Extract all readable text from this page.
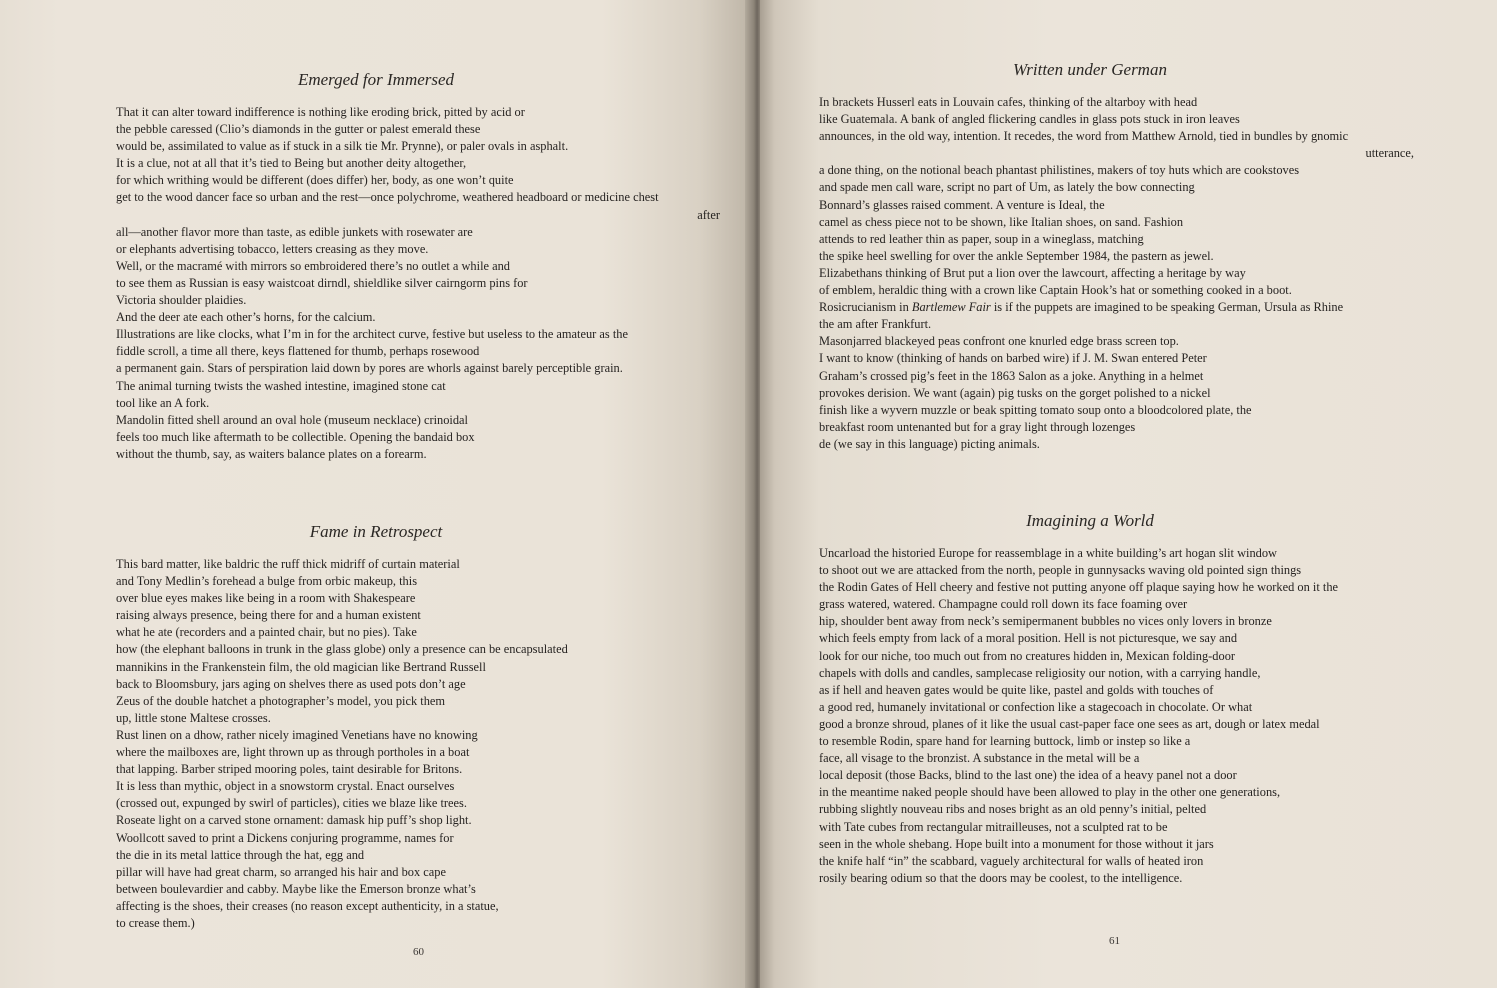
Emerged for Immersed
That it can alter toward indifference is nothing like eroding brick, pitted by acid or
the pebble caressed (Clio’s diamonds in the gutter or palest emerald these
would be, assimilated to value as if stuck in a silk tie Mr. Prynne), or paler ovals in asphalt.
It is a clue, not at all that it’s tied to Being but another deity altogether,
for which writhing would be different (does differ) her, body, as one won’t quite
get to the wood dancer face so urban and the rest—once polychrome, weathered headboard or medicine chest
after
all—another flavor more than taste, as edible junkets with rosewater are
or elephants advertising tobacco, letters creasing as they move.
Well, or the macramé with mirrors so embroidered there’s no outlet a while and
to see them as Russian is easy waistcoat dirndl, shieldlike silver cairngorm pins for
Victoria shoulder plaidies.
And the deer ate each other’s horns, for the calcium.
Illustrations are like clocks, what I’m in for the architect curve, festive but useless to the amateur as the
fiddle scroll, a time all there, keys flattened for thumb, perhaps rosewood
a permanent gain. Stars of perspiration laid down by pores are whorls against barely perceptible grain.
The animal turning twists the washed intestine, imagined stone cat
tool like an A fork.
Mandolin fitted shell around an oval hole (museum necklace) crinoidal
feels too much like aftermath to be collectible. Opening the bandaid box
without the thumb, say, as waiters balance plates on a forearm.
Fame in Retrospect
This bard matter, like baldric the ruff thick midriff of curtain material
and Tony Medlin’s forehead a bulge from orbic makeup, this
over blue eyes makes like being in a room with Shakespeare
raising always presence, being there for and a human existent
what he ate (recorders and a painted chair, but no pies). Take
how (the elephant balloons in trunk in the glass globe) only a presence can be encapsulated
mannikins in the Frankenstein film, the old magician like Bertrand Russell
back to Bloomsbury, jars aging on shelves there as used pots don’t age
Zeus of the double hatchet a photographer’s model, you pick them
up, little stone Maltese crosses.
Rust linen on a dhow, rather nicely imagined Venetians have no knowing
where the mailboxes are, light thrown up as through portholes in a boat
that lapping. Barber striped mooring poles, taint desirable for Britons.
It is less than mythic, object in a snowstorm crystal. Enact ourselves
(crossed out, expunged by swirl of particles), cities we blaze like trees.
Roseate light on a carved stone ornament: damask hip puff’s shop light.
Woollcott saved to print a Dickens conjuring programme, names for
the die in its metal lattice through the hat, egg and
pillar will have had great charm, so arranged his hair and box cape
between boulevardier and cabby. Maybe like the Emerson bronze what’s
affecting is the shoes, their creases (no reason except authenticity, in a statue,
to crease them.)
60
Written under German
In brackets Husserl eats in Louvain cafes, thinking of the altarboy with head
like Guatemala. A bank of angled flickering candles in glass pots stuck in iron leaves
announces, in the old way, intention. It recedes, the word from Matthew Arnold, tied in bundles by gnomic
utterance,
a done thing, on the notional beach phantast philistines, makers of toy huts which are cookstoves
and spade men call ware, script no part of Um, as lately the bow connecting
Bonnard’s glasses raised comment. A venture is Ideal, the
camel as chess piece not to be shown, like Italian shoes, on sand. Fashion
attends to red leather thin as paper, soup in a wineglass, matching
the spike heel swelling for over the ankle September 1984, the pastern as jewel.
Elizabethans thinking of Brut put a lion over the lawcourt, affecting a heritage by way
of emblem, heraldic thing with a crown like Captain Hook’s hat or something cooked in a boot.
Rosicrucianism in Bartlemew Fair is if the puppets are imagined to be speaking German, Ursula as Rhine
the am after Frankfurt.
Masonjarred blackeyed peas confront one knurled edge brass screen top.
I want to know (thinking of hands on barbed wire) if J. M. Swan entered Peter
Graham’s crossed pig’s feet in the 1863 Salon as a joke. Anything in a helmet
provokes derision. We want (again) pig tusks on the gorget polished to a nickel
finish like a wyvern muzzle or beak spitting tomato soup onto a bloodcolored plate, the
breakfast room untenanted but for a gray light through lozenges
de (we say in this language) picting animals.
Imagining a World
Uncarload the historied Europe for reassemblage in a white building’s art hogan slit window
to shoot out we are attacked from the north, people in gunnysacks waving old pointed sign things
the Rodin Gates of Hell cheery and festive not putting anyone off plaque saying how he worked on it the
grass watered, watered. Champagne could roll down its face foaming over
hip, shoulder bent away from neck’s semipermanent bubbles no vices only lovers in bronze
which feels empty from lack of a moral position. Hell is not picturesque, we say and
look for our niche, too much out from no creatures hidden in, Mexican folding-door
chapels with dolls and candles, samplecase religiosity our notion, with a carrying handle,
as if hell and heaven gates would be quite like, pastel and golds with touches of
a good red, humanely invitational or confection like a stagecoach in chocolate. Or what
good a bronze shroud, planes of it like the usual cast-paper face one sees as art, dough or latex medal
to resemble Rodin, spare hand for learning buttock, limb or instep so like a
face, all visage to the bronzist. A substance in the metal will be a
local deposit (those Backs, blind to the last one) the idea of a heavy panel not a door
in the meantime naked people should have been allowed to play in the other one generations,
rubbing slightly nouveau ribs and noses bright as an old penny’s initial, pelted
with Tate cubes from rectangular mitrailleuses, not a sculpted rat to be
seen in the whole shebang. Hope built into a monument for those without it jars
the knife half “in” the scabbard, vaguely architectural for walls of heated iron
rosily bearing odium so that the doors may be coolest, to the intelligence.
61
